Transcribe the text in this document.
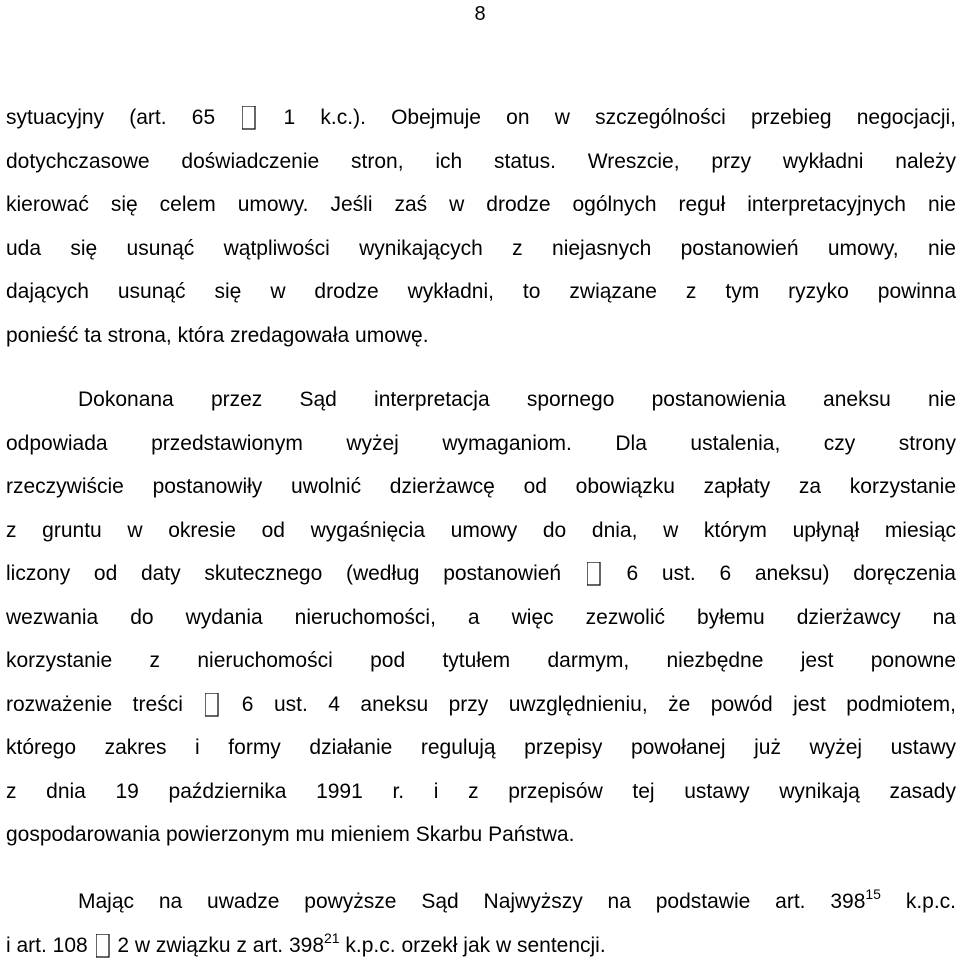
8
sytuacyjny (art. 65	1 k.c.). Obejmuje on w szczególności przebieg negocjacji,
dotychczasowe doświadczenie stron, ich status. Wreszcie, przy wykładni należy
kierować się celem umowy. Jeśli zaś w drodze ogólnych reguł interpretacyjnych nie
uda się usunąć wątpliwości wynikających z niejasnych postanowień umowy, nie
dających usunąć się w drodze wykładni, to związane z tym ryzyko powinna
ponieść ta strona, która zredagowała umowę.
Dokonana przez Sąd interpretacja spornego postanowienia aneksu nie
odpowiada przedstawionym wyżej wymaganiom. Dla ustalenia, czy strony
rzeczywiście postanowiły uwolnić dzierżawcę od obowiązku zapłaty za korzystanie
z gruntu w okresie od wygaśnięcia umowy do dnia, w którym upłynął miesiąc
liczony od daty skutecznego (według postanowień	6 ust. 6 aneksu) doręczenia
wezwania do wydania nieruchomości, a więc zezwolić byłemu dzierżawcy na
korzystanie z nieruchomości pod tytułem darmym, niezbędne jest ponowne
rozważenie treści	6 ust. 4 aneksu przy uwzględnieniu, że powód jest podmiotem,
którego zakres i formy działanie regulują przepisy powołanej już wyżej ustawy
z dnia 19 października 1991 r. i z przepisów tej ustawy wynikają zasady
gospodarowania powierzonym mu mieniem Skarbu Państwa.
Mając na uwadze powyższe Sąd Najwyższy na podstawie art. $398^{15}$ k.p.c.
i art. 108 2 w związku z art. $398^{21}$ k.p.c. orzekł jak w sentencji.
